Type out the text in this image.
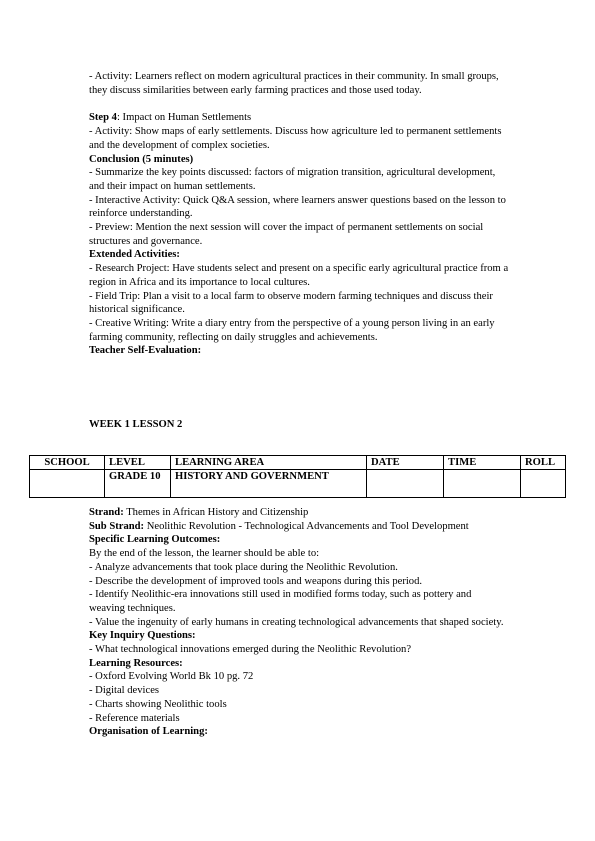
- Activity: Learners reflect on modern agricultural practices in their community. In small groups, they discuss similarities between early farming practices and those used today.

Step 4: Impact on Human Settlements

- Activity: Show maps of early settlements. Discuss how agriculture led to permanent settlements and the development of complex societies.

Conclusion (5 minutes)

- Summarize the key points discussed: factors of migration transition, agricultural development, and their impact on human settlements.

- Interactive Activity: Quick Q&A session, where learners answer questions based on the lesson to reinforce understanding.

- Preview: Mention the next session will cover the impact of permanent settlements on social structures and governance.

Extended Activities:

- Research Project: Have students select and present on a specific early agricultural practice from a region in Africa and its importance to local cultures.

- Field Trip: Plan a visit to a local farm to observe modern farming techniques and discuss their historical significance.

- Creative Writing: Write a diary entry from the perspective of a young person living in an early farming community, reflecting on daily struggles and achievements.

Teacher Self-Evaluation:

WEEK 1 LESSON 2
SCHOOL	LEVEL	LEARNING AREA	DATE	TIME	ROLL
	GRADE 10	HISTORY AND GOVERNMENT			

Strand: Themes in African History and Citizenship

Sub Strand: Neolithic Revolution - Technological Advancements and Tool Development

Specific Learning Outcomes:

By the end of the lesson, the learner should be able to:

- Analyze advancements that took place during the Neolithic Revolution.

- Describe the development of improved tools and weapons during this period.

- Identify Neolithic-era innovations still used in modified forms today, such as pottery and weaving techniques.

- Value the ingenuity of early humans in creating technological advancements that shaped society.

Key Inquiry Questions:

- What technological innovations emerged during the Neolithic Revolution?

Learning Resources:

- Oxford Evolving World Bk 10 pg. 72

- Digital devices

- Charts showing Neolithic tools

- Reference materials

Organisation of Learning:
